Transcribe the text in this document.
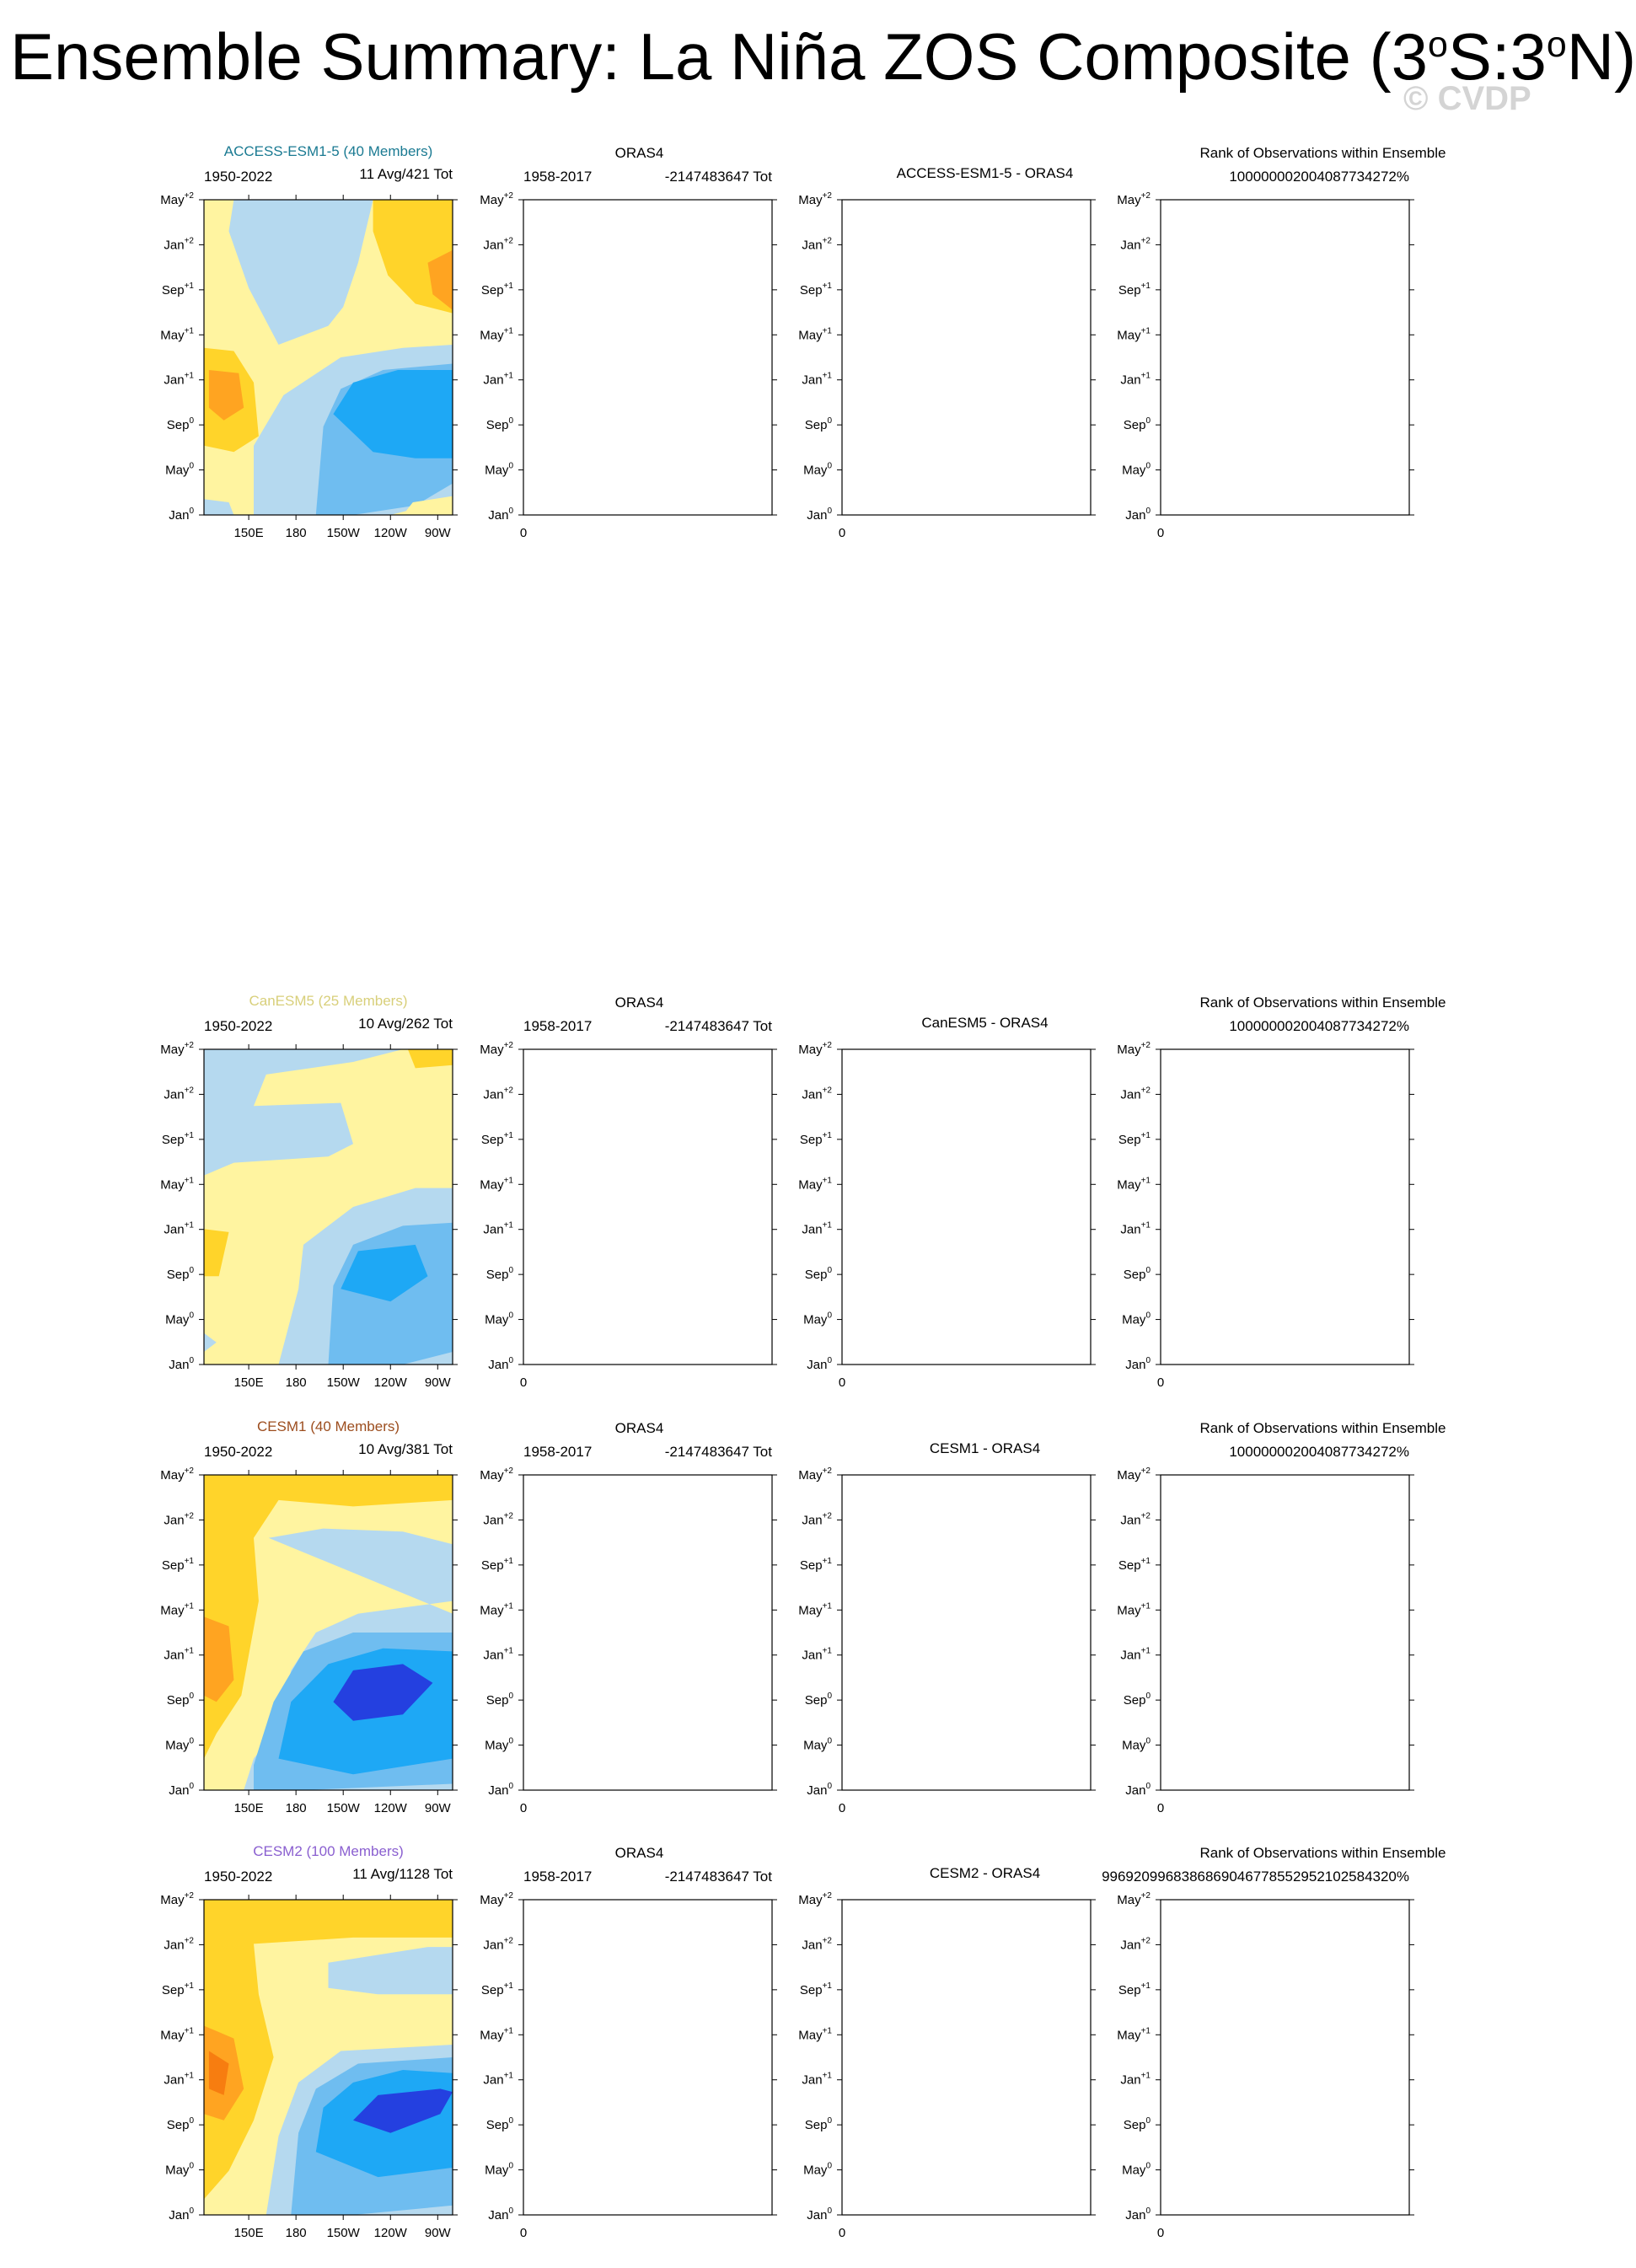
Ensemble Summary: La Niña ZOS Composite (3$^o$S:3$^o$N)
© CVDP
ACCESS-ESM1-5 (40 Members)
1950-2022	11 Avg/421 Tot
May$^{+2}$
Jan$^{+2}$
Sep$^{+1}$
May$^{+1}$
Jan$^{+1}$
Sep$^0$
May$^0$
Jan$^0$
150E 180 150W 120W 90W
ORAS4
1958-2017	-2147483647 Tot
May$^{+2}$
Jan$^{+2}$
Sep$^{+1}$
May$^{+1}$
Jan$^{+1}$
Sep$^0$
May$^0$
Jan$^0$
0
ACCESS-ESM1-5 - ORAS4
May$^{+2}$
Jan$^{+2}$
Sep$^{+1}$
May$^{+1}$
Jan$^{+1}$
Sep$^0$
May$^0$
Jan$^0$
0
Rank of Observations within Ensemble
100000002004087734272%
May$^{+2}$
Jan$^{+2}$
Sep$^{+1}$
May$^{+1}$
Jan$^{+1}$
Sep$^0$
May$^0$
Jan$^0$
0
CanESM5 (25 Members)
1950-2022	10 Avg/262 Tot
May$^{+2}$
Jan$^{+2}$
Sep$^{+1}$
May$^{+1}$
Jan$^{+1}$
Sep$^0$
May$^0$
Jan$^0$
150E 180 150W 120W 90W
ORAS4
1958-2017	-2147483647 Tot
May$^{+2}$
Jan$^{+2}$
Sep$^{+1}$
May$^{+1}$
Jan$^{+1}$
Sep$^0$
May$^0$
Jan$^0$
0
CanESM5 - ORAS4
May$^{+2}$
Jan$^{+2}$
Sep$^{+1}$
May$^{+1}$
Jan$^{+1}$
Sep$^0$
May$^0$
Jan$^0$
0
Rank of Observations within Ensemble
100000002004087734272%
May$^{+2}$
Jan$^{+2}$
Sep$^{+1}$
May$^{+1}$
Jan$^{+1}$
Sep$^0$
May$^0$
Jan$^0$
0
CESM1 (40 Members)
1950-2022	10 Avg/381 Tot
May$^{+2}$
Jan$^{+2}$
Sep$^{+1}$
May$^{+1}$
Jan$^{+1}$
Sep$^0$
May$^0$
Jan$^0$
150E 180 150W 120W 90W
ORAS4
1958-2017	-2147483647 Tot
May$^{+2}$
Jan$^{+2}$
Sep$^{+1}$
May$^{+1}$
Jan$^{+1}$
Sep$^0$
May$^0$
Jan$^0$
0
CESM1 - ORAS4
May$^{+2}$
Jan$^{+2}$
Sep$^{+1}$
May$^{+1}$
Jan$^{+1}$
Sep$^0$
May$^0$
Jan$^0$
0
Rank of Observations within Ensemble
100000002004087734272%
May$^{+2}$
Jan$^{+2}$
Sep$^{+1}$
May$^{+1}$
Jan$^{+1}$
Sep$^0$
May$^0$
Jan$^0$
0
CESM2 (100 Members)
1950-2022	11 Avg/1128 Tot
May$^{+2}$
Jan$^{+2}$
Sep$^{+1}$
May$^{+1}$
Jan$^{+1}$
Sep$^0$
May$^0$
Jan$^0$
150E 180 150W 120W 90W
ORAS4
1958-2017	-2147483647 Tot
May$^{+2}$
Jan$^{+2}$
Sep$^{+1}$
May$^{+1}$
Jan$^{+1}$
Sep$^0$
May$^0$
Jan$^0$
0
CESM2 - ORAS4
May$^{+2}$
Jan$^{+2}$
Sep$^{+1}$
May$^{+1}$
Jan$^{+1}$
Sep$^0$
May$^0$
Jan$^0$
0
Rank of Observations within Ensemble
9969209968386869046778552952102584320%
May$^{+2}$
Jan$^{+2}$
Sep$^{+1}$
May$^{+1}$
Jan$^{+1}$
Sep$^0$
May$^0$
Jan$^0$
0
